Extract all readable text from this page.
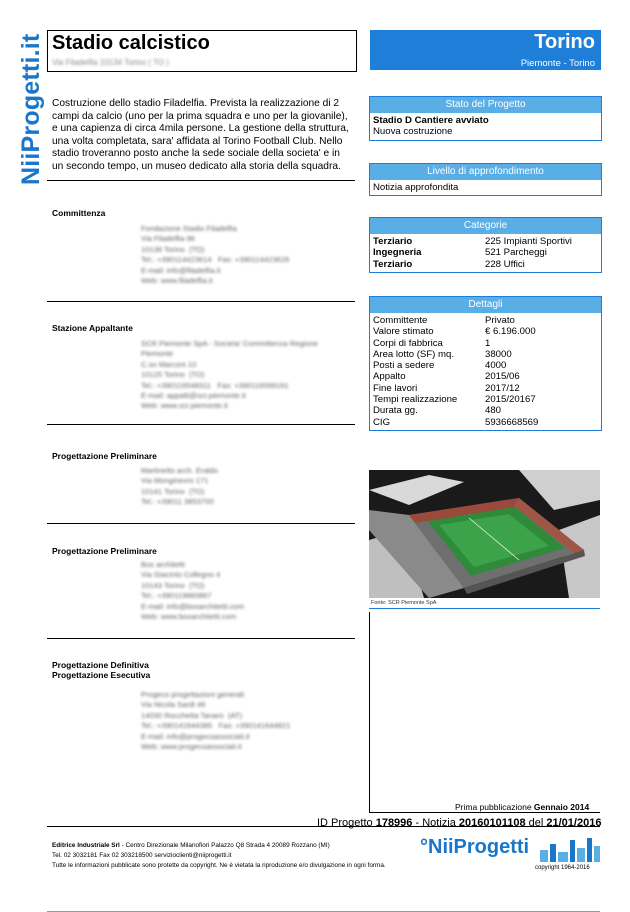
NiiProgetti.it Stadio calcistico
Via Filadelfia 10134 Torino ( TO )
Torino
Piemonte - Torino
Costruzione dello stadio Filadelfia. Prevista la realizzazione di 2 campi da calcio (uno per la prima squadra e uno per la giovanile), e una capienza di circa 4mila persone. La gestione della struttura, una volta completata, sara' affidata al Torino Football Club. Nello stadio troveranno posto anche la sede sociale della societa' e in un secondo tempo, un museo dedicato alla storia della squadra.
Committenza
Fondazione Stadio Filadelfia
Via Filadelfia 96
10136 Torino  (TO)
Tel.: +390114423614   Fax: +390114423626
E-mail: info@filadelfia.it
Web: www.filadelfia.it
Stazione Appaltante
SCR Piemonte SpA - Societa' Committenza Regione
Piemonte
C.so Marconi 10
10125 Torino  (TO)
Tel.: +390116548311   Fax: +390116599161
E-mail: appalti@scr.piemonte.it
Web: www.scr.piemonte.it
Progettazione Preliminare
Martinetto arch. Eraldo
Via Monginevro 171
10141 Torino  (TO)
Tel.: +39011 3853700
Progettazione Preliminare
Box architetti
Via Giacinto Collegno 4
10143 Torino  (TO)
Tel.: +390119860867
E-mail: info@boxarchitetti.com
Web: www.boxarchitetti.com
Progettazione Definitiva
Progettazione Esecutiva
Progeco progettazioni generali
Via Nicola Sardi 46
14030 Rocchetta Tanaro  (AT)
Tel.: +390141644385   Fax: +390141644821
E-mail: info@progecoassociati.it
Web: www.progecoassociati.it
Stato del Progetto
Stadio D Cantiere avviato
Nuova costruzione
Livello di approfondimento
Notizia approfondita
Categorie
Terziario	225 Impianti Sportivi
Ingegneria	521 Parcheggi
Terziario	228 Uffici
Dettagli
Committente	Privato
Valore stimato	€ 6.196.000
Corpi di fabbrica	1
Area lotto (SF) mq.	38000
Posti a sedere	4000
Appalto	2015/06
Fine lavori	2017/12
Tempi realizzazione	2015/20167
Durata gg.	480
CIG	5936668569
Fonte: SCR Piemonte SpA
Prima pubblicazione Gennaio 2014
ID Progetto 178996 - Notizia 20160101108 del 21/01/2016
Editrice Industriale Srl - Centro Direzionale Milanofiori Palazzo Q8 Strada 4 20089 Rozzano (MI)
Tel. 02 3032181 Fax 02 303218500 servizioclienti@niiprogetti.it
Tutte le informazioni pubblicate sono protette da copyright. Ne è vietata la riproduzione e/o divulgazione in ogni forma.
°NiiProgetti
copyright 1964-2016
